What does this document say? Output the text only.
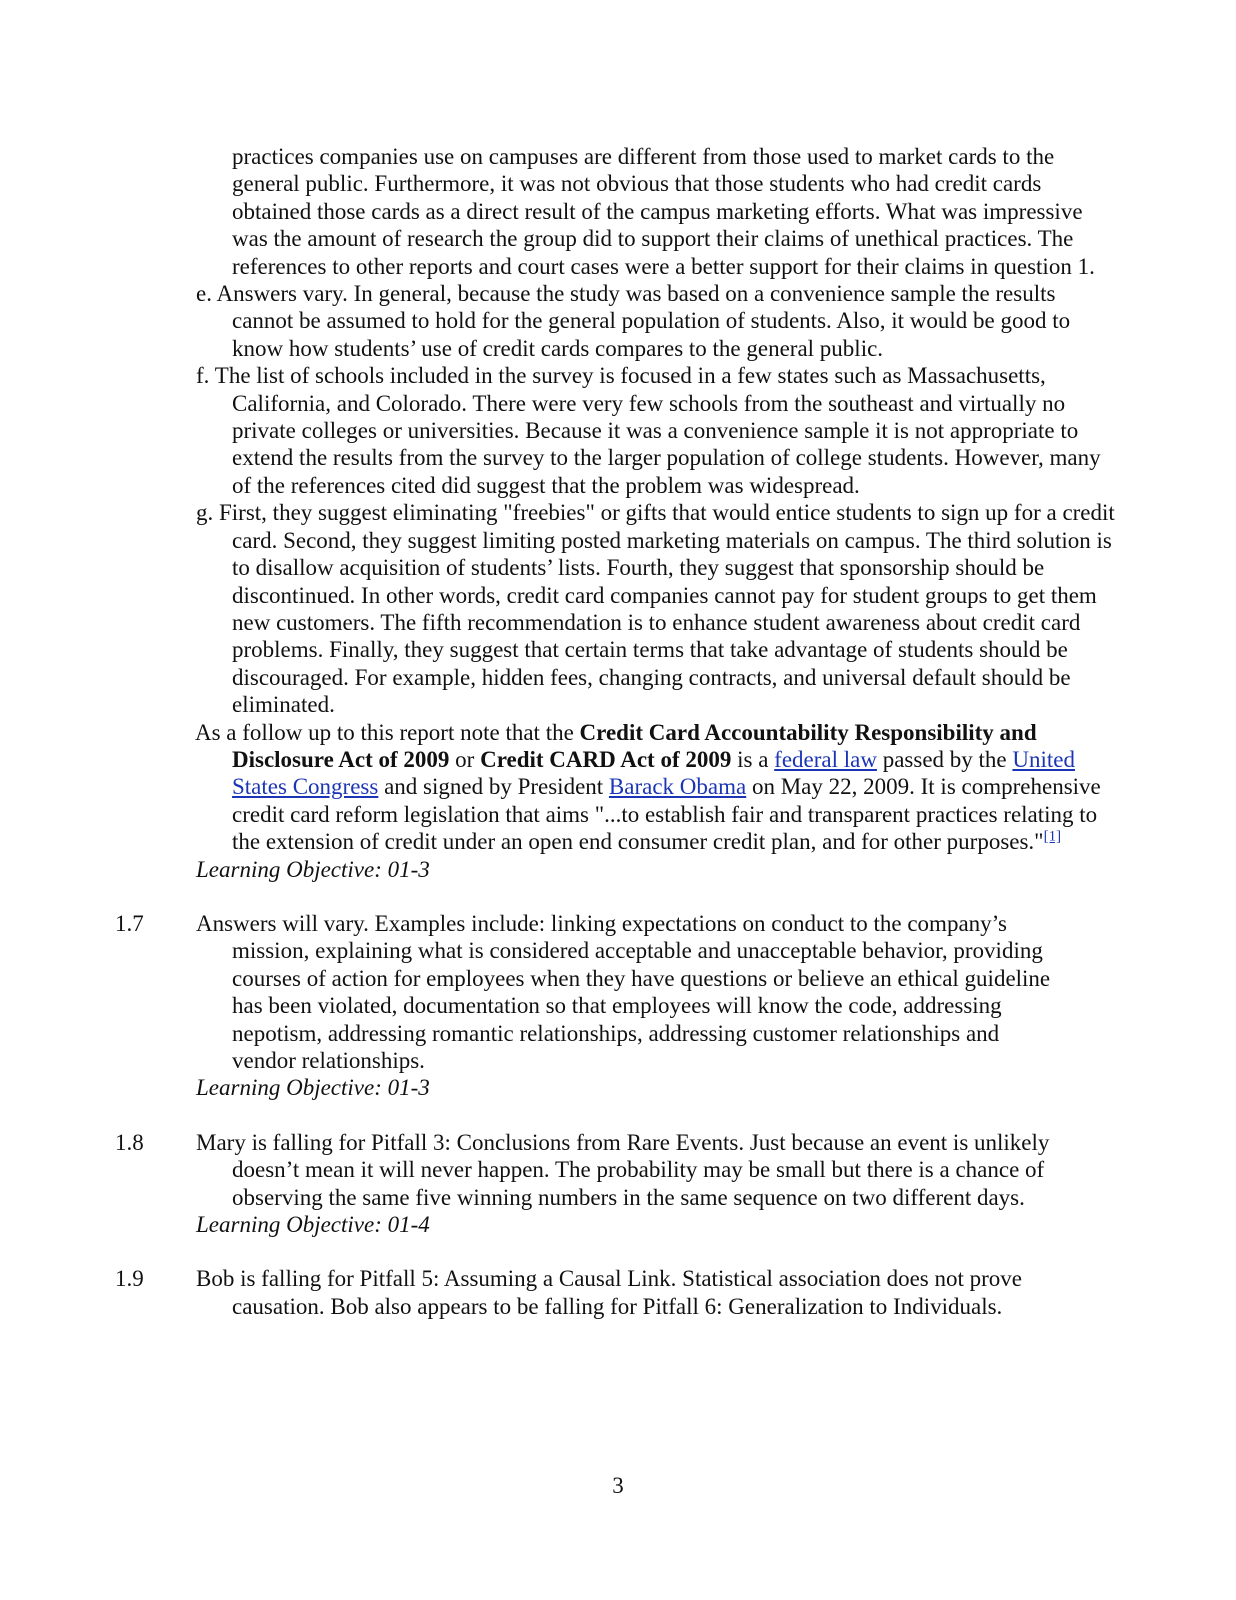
practices companies use on campuses are different from those used to market cards to the general public. Furthermore, it was not obvious that those students who had credit cards obtained those cards as a direct result of the campus marketing efforts. What was impressive was the amount of research the group did to support their claims of unethical practices. The references to other reports and court cases were a better support for their claims in question 1.
e. Answers vary. In general, because the study was based on a convenience sample the results cannot be assumed to hold for the general population of students. Also, it would be good to know how students’ use of credit cards compares to the general public.
f. The list of schools included in the survey is focused in a few states such as Massachusetts, California, and Colorado. There were very few schools from the southeast and virtually no private colleges or universities. Because it was a convenience sample it is not appropriate to extend the results from the survey to the larger population of college students. However, many of the references cited did suggest that the problem was widespread.
g. First, they suggest eliminating "freebies" or gifts that would entice students to sign up for a credit card. Second, they suggest limiting posted marketing materials on campus. The third solution is to disallow acquisition of students’ lists. Fourth, they suggest that sponsorship should be discontinued. In other words, credit card companies cannot pay for student groups to get them new customers. The fifth recommendation is to enhance student awareness about credit card problems. Finally, they suggest that certain terms that take advantage of students should be discouraged. For example, hidden fees, changing contracts, and universal default should be eliminated.
As a follow up to this report note that the Credit Card Accountability Responsibility and Disclosure Act of 2009 or Credit CARD Act of 2009 is a federal law passed by the United States Congress and signed by President Barack Obama on May 22, 2009. It is comprehensive credit card reform legislation that aims "...to establish fair and transparent practices relating to the extension of credit under an open end consumer credit plan, and for other purposes."[1]
Learning Objective: 01-3
1.7	Answers will vary. Examples include: linking expectations on conduct to the company’s mission, explaining what is considered acceptable and unacceptable behavior, providing courses of action for employees when they have questions or believe an ethical guideline has been violated, documentation so that employees will know the code, addressing nepotism, addressing romantic relationships, addressing customer relationships and vendor relationships.
Learning Objective: 01-3
1.8	Mary is falling for Pitfall 3: Conclusions from Rare Events. Just because an event is unlikely doesn’t mean it will never happen. The probability may be small but there is a chance of observing the same five winning numbers in the same sequence on two different days.
Learning Objective: 01-4
1.9	Bob is falling for Pitfall 5: Assuming a Causal Link. Statistical association does not prove causation. Bob also appears to be falling for Pitfall 6: Generalization to Individuals.
3
